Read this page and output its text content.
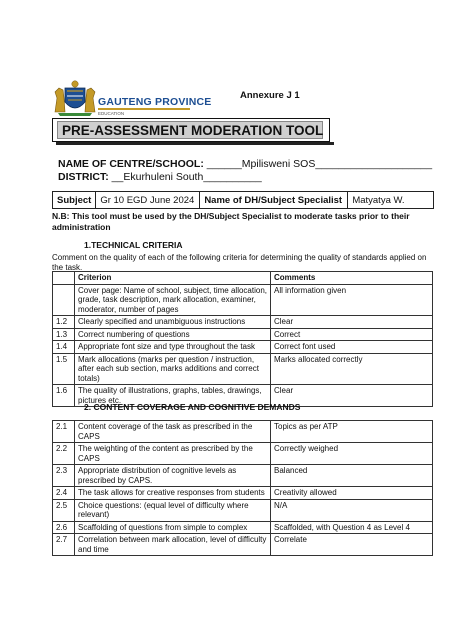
GAUTENG PROVINCE
EDUCATION
Annexure J 1
PRE-ASSESSMENT MODERATION TOOL
NAME OF CENTRE/SCHOOL: ______Mpilisweni SOS____________________
DISTRICT: __Ekurhuleni South__________
Subject	Gr 10 EGD June 2024	Name of DH/Subject Specialist	Matyatya W.
N.B: This tool must be used by the DH/Subject Specialist to moderate tasks prior to their administration
1.TECHNICAL CRITERIA
Comment on the quality of each of the following criteria for determining the quality of standards applied on the task.
	Criterion	Comments
	Cover page: Name of school, subject, time allocation, grade, task description, mark allocation, examiner, moderator, number of pages	All information given
1.2	Clearly specified and unambiguous instructions	Clear
1.3	Correct numbering of questions	Correct
1.4	Appropriate font size and type throughout the task	Correct font used
1.5	Mark allocations (marks per question / instruction, after each sub section, marks additions and correct totals)	Marks allocated correctly
1.6	The quality of illustrations, graphs, tables, drawings, pictures etc.	Clear
2. CONTENT COVERAGE AND COGNITIVE DEMANDS
2.1	Content coverage of the task as prescribed in the CAPS	Topics as per ATP
2.2	The weighting of the content as prescribed by the CAPS	Correctly weighed
2.3	Appropriate distribution of cognitive levels as prescribed by CAPS.	Balanced
2.4	The task allows for creative responses from students	Creativity allowed
2.5	Choice questions: (equal level of difficulty where relevant)	N/A
2.6	Scaffolding of questions from simple to complex	Scaffolded, with Question 4 as Level 4
2.7	Correlation between mark allocation, level of difficulty and time	Correlate
